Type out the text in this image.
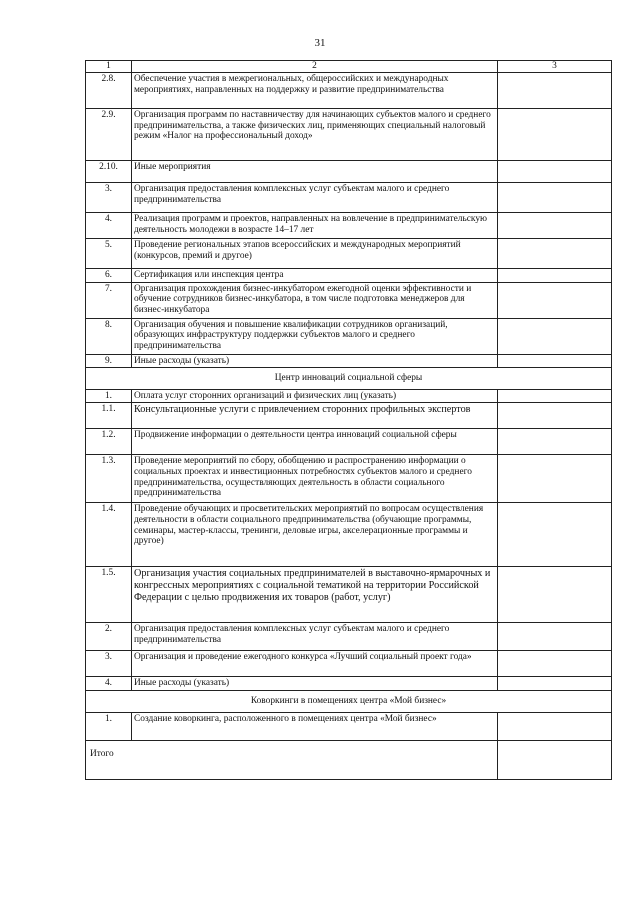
31
1	2	3
2.8.	Обеспечение участия в межрегиональных, общероссийских и международных мероприятиях, направленных на поддержку и развитие предпринимательства	
2.9.	Организация программ по наставничеству для начинающих субъектов малого и среднего предпринимательства, а также физических лиц, применяющих специальный налоговый режим «Налог на профессиональный доход»	
2.10.	Иные мероприятия	
3.	Организация предоставления комплексных услуг субъектам малого и среднего предпринимательства	
4.	Реализация программ и проектов, направленных на вовлечение в предпринимательскую деятельность молодежи в возрасте 14–17 лет	
5.	Проведение региональных этапов всероссийских и международных мероприятий (конкурсов, премий и другое)	
6.	Сертификация или инспекция центра	
7.	Организация прохождения бизнес-инкубатором ежегодной оценки эффективности и обучение сотрудников бизнес-инкубатора, в том числе подготовка менеджеров для бизнес-инкубатора	
8.	Организация обучения и повышение квалификации сотрудников организаций, образующих инфраструктуру поддержки субъектов малого и среднего предпринимательства	
9.	Иные расходы (указать)	
Центр инноваций социальной сферы		
1.	Оплата услуг сторонних организаций и физических лиц (указать)	
1.1.	Консультационные услуги с привлечением сторонних профильных экспертов	
1.2.	Продвижение информации о деятельности центра инноваций социальной сферы	
1.3.	Проведение мероприятий по сбору, обобщению и распространению информации о социальных проектах и инвестиционных потребностях субъектов малого и среднего предпринимательства, осуществляющих деятельность в области социального предпринимательства	
1.4.	Проведение обучающих и просветительских мероприятий по вопросам осуществления деятельности в области социального предпринимательства (обучающие программы, семинары, мастер-классы, тренинги, деловые игры, акселерационные программы и другое)	
1.5.	Организация участия социальных предпринимателей в выставочно-ярмарочных и конгрессных мероприятиях с социальной тематикой на территории Российской Федерации с целью продвижения их товаров (работ, услуг)	
2.	Организация предоставления комплексных услуг субъектам малого и среднего предпринимательства	
3.	Организация и проведение ежегодного конкурса «Лучший социальный проект года»	
4.	Иные расходы (указать)	
Коворкинги в помещениях центра «Мой бизнес»		
1.	Создание коворкинга, расположенного в помещениях центра «Мой бизнес»	
Итого		
